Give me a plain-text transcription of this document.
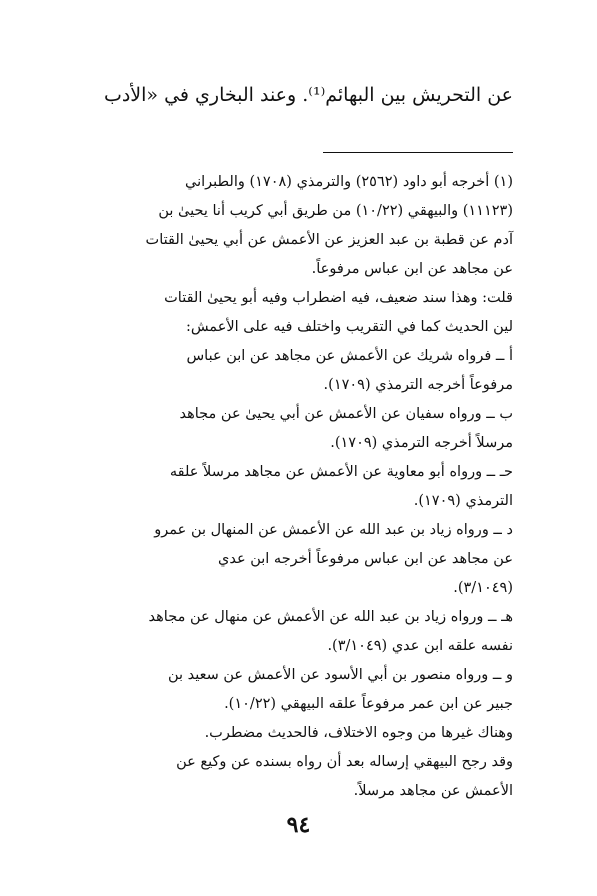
عن التحريش بين البهائم⁽¹⁾. وعند البخاري في «الأدب
(١) أخرجه أبو داود (٢٥٦٢) والترمذي (١٧٠٨) والطبراني
(١١١٢٣) والبيهقي (١٠/٢٢) من طريق أبي كريب أنا يحيىٰ بن
آدم عن قطبة بن عبد العزيز عن الأعمش عن أبي يحيىٰ القتات
عن مجاهد عن ابن عباس مرفوعاً.
قلت: وهذا سند ضعيف، فيه اضطراب وفيه أبو يحيىٰ القتات
لين الحديث كما في التقريب واختلف فيه على الأعمش:
أ ــ فرواه شريك عن الأعمش عن مجاهد عن ابن عباس
مرفوعاً أخرجه الترمذي (١٧٠٩).
ب ــ ورواه سفيان عن الأعمش عن أبي يحيىٰ عن مجاهد
مرسلاً أخرجه الترمذي (١٧٠٩).
حـ ــ ورواه أبو معاوية عن الأعمش عن مجاهد مرسلاً علقه
الترمذي (١٧٠٩).
د ــ ورواه زياد بن عبد الله عن الأعمش عن المنهال بن عمرو
عن مجاهد عن ابن عباس مرفوعاً أخرجه ابن عدي
(٣/١٠٤٩).
هـ ــ ورواه زياد بن عبد الله عن الأعمش عن منهال عن مجاهد
نفسه علقه ابن عدي (٣/١٠٤٩).
و ــ ورواه منصور بن أبي الأسود عن الأعمش عن سعيد بن
جبير عن ابن عمر مرفوعاً علقه البيهقي (١٠/٢٢).
وهناك غيرها من وجوه الاختلاف، فالحديث مضطرب.
وقد رجح البيهقي إرساله بعد أن رواه بسنده عن وكيع عن
الأعمش عن مجاهد مرسلاً.
٩٤
